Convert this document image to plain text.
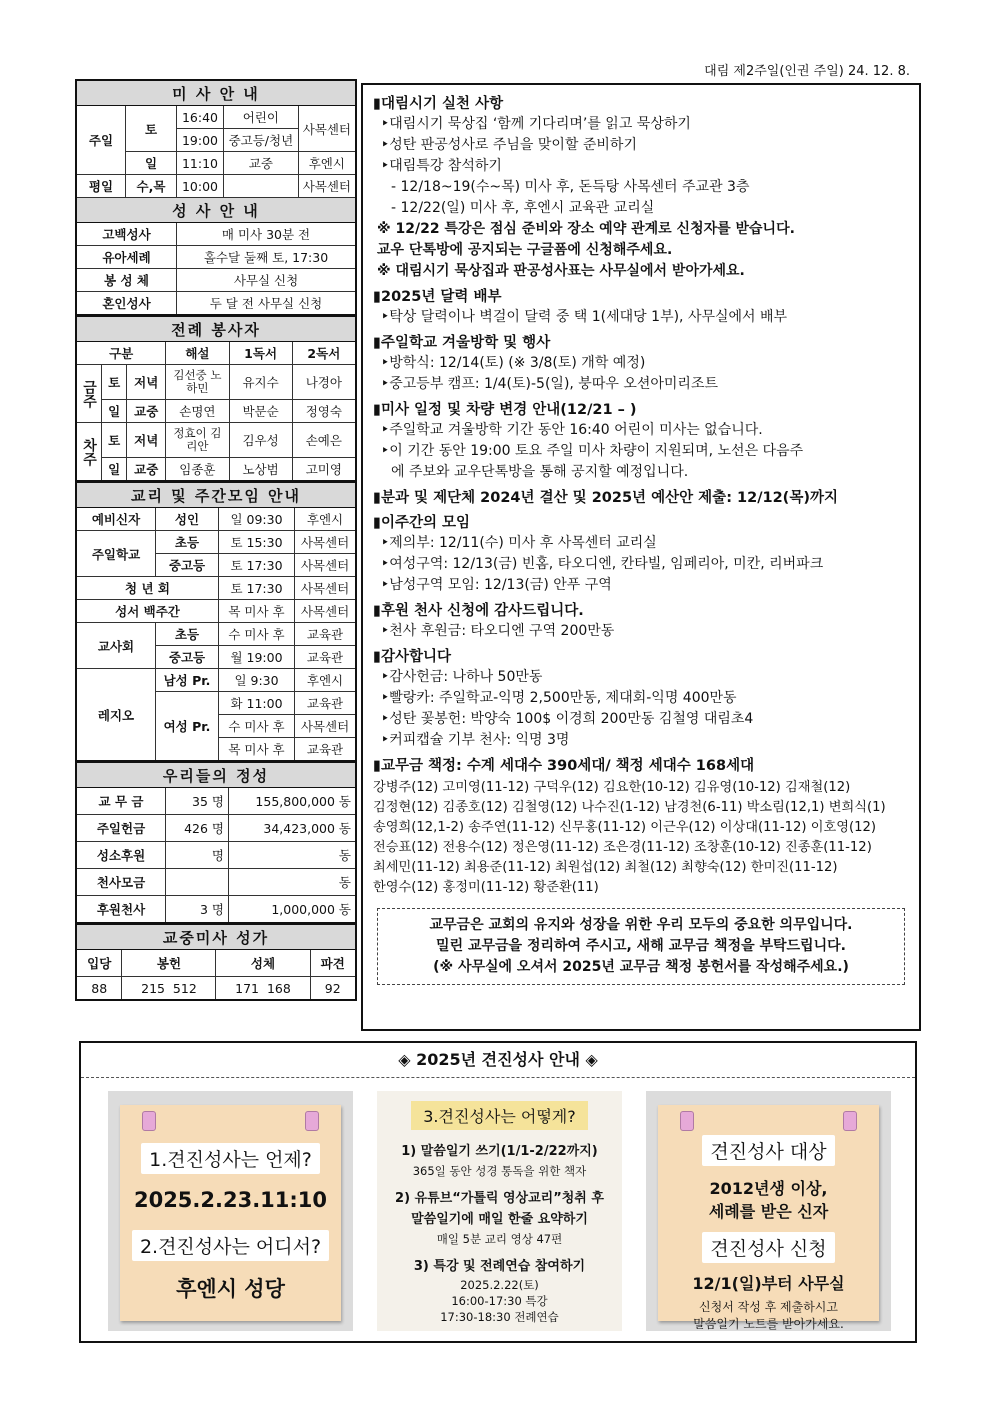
대림 제2주일(인권 주일) 24. 12. 8.
미 사 안 내				
주일	토	16:40	어린이	사목센터
		19:00	중고등/청년	
	일	11:10	교중	후엔시
평일	수,목	10:00		사목센터
성 사 안 내				
고백성사		매 미사 30분 전		
유아세례		홀수달 둘째 토, 17:30		
봉 성 체		사무실 신청		
혼인성사		두 달 전 사무실 신청		
전례 봉사자					
구분			해설	1독서	2독서
금주	토	저녁	김선중 노하민	유지수	나경아
	일	교중	손명연	박문순	정영숙
차주	토	저녁	정효이 김리안	김우성	손예은
	일	교중	임종훈	노상범	고미영
교리 및 주간모임 안내			
예비신자	성인	일 09:30	후엔시
주일학교	초등	토 15:30	사목센터
	중고등	토 17:30	사목센터
청 년 회		토 17:30	사목센터
성서 백주간		목 미사 후	사목센터
교사회	초등	수 미사 후	교육관
	중고등	월 19:00	교육관
레지오	남성 Pr.	일 9:30	후엔시
	여성 Pr.	화 11:00	교육관
		수 미사 후	사목센터
		목 미사 후	교육관
우리들의 정성		
교 무 금	35 명	155,800,000 동
주일헌금	426 명	34,423,000 동
성소후원	명	동
천사모금		동
후원천사	3 명	1,000,000 동
교중미사 성가			
입당	봉헌	성체	파견
88	215  512	171  168	92
▮대림시기 실천 사항
‣대림시기 묵상집 ‘함께 기다리며’를 읽고 묵상하기
‣성탄 판공성사로 주님을 맞이할 준비하기
‣대림특강 참석하기
- 12/18~19(수~목) 미사 후, 돈득탕 사목센터 주교관 3층
- 12/22(일) 미사 후, 후엔시 교육관 교리실
※ 12/22 특강은 점심 준비와 장소 예약 관계로 신청자를 받습니다.
교우 단톡방에 공지되는 구글폼에 신청해주세요.
※ 대림시기 묵상집과 판공성사표는 사무실에서 받아가세요.
▮2025년 달력 배부
‣탁상 달력이나 벽걸이 달력 중 택 1(세대당 1부), 사무실에서 배부
▮주일학교 겨울방학 및 행사
‣방학식: 12/14(토) (※ 3/8(토) 개학 예정)
‣중고등부 캠프: 1/4(토)-5(일), 붕따우 오션아미리조트
▮미사 일정 및 차량 변경 안내(12/21 – )
‣주일학교 겨울방학 기간 동안 16:40 어린이 미사는 없습니다.
‣이 기간 동안 19:00 토요 주일 미사 차량이 지원되며, 노선은 다음주
에 주보와 교우단톡방을 통해 공지할 예정입니다.
▮분과 및 제단체 2024년 결산 및 2025년 예산안 제출: 12/12(목)까지
▮이주간의 모임
‣제의부: 12/11(수) 미사 후 사목센터 교리실
‣여성구역: 12/13(금) 빈홈, 타오디엔, 칸타빌, 임페리아, 미칸, 리버파크
‣남성구역 모임: 12/13(금) 안푸 구역
▮후원 천사 신청에 감사드립니다.
‣천사 후원금: 타오디엔 구역 200만동
▮감사합니다
‣감사헌금: 나하나 50만동
‣빨랑카: 주일학교-익명 2,500만동, 제대회-익명 400만동
‣성탄 꽃봉헌: 박양숙 100$ 이경희 200만동 김철영 대림초4
‣커피캡슐 기부 천사: 익명 3명
▮교무금 책정: 수계 세대수 390세대/ 책정 세대수 168세대
강병주(12) 고미영(11-12) 구덕우(12) 김요한(10-12) 김유영(10-12) 김재철(12)
김정현(12) 김종호(12) 김철영(12) 나수진(1-12) 남경천(6-11) 박소림(12,1) 변희식(1)
송영희(12,1-2) 송주연(11-12) 신무홍(11-12) 이근우(12) 이상대(11-12) 이호영(12)
전승표(12) 전용수(12) 정은영(11-12) 조은경(11-12) 조창훈(10-12) 진종훈(11-12)
최세민(11-12) 최용준(11-12) 최원섭(12) 최철(12) 최향숙(12) 한미진(11-12)
한영수(12) 홍정미(11-12) 황준환(11)
교무금은 교회의 유지와 성장을 위한 우리 모두의 중요한 의무입니다.
밀린 교무금을 정리하여 주시고, 새해 교무금 책정을 부탁드립니다.
(※ 사무실에 오셔서 2025년 교무금 책정 봉헌서를 작성해주세요.)
◈ 2025년 견진성사 안내 ◈
1.견진성사는 언제?
2025.2.23.11:10
2.견진성사는 어디서?
후엔시 성당
3.견진성사는 어떻게?
1) 말씀일기 쓰기(1/1-2/22까지)
365일 동안 성경 통독을 위한 책자
2) 유튜브“가톨릭 영상교리”청취 후
말씀일기에 매일 한줄 요약하기
매일 5분 교리 영상 47편
3) 특강 및 전례연습 참여하기
2025.2.22(토)
16:00-17:30 특강
17:30-18:30 전례연습
견진성사 대상
2012년생 이상,
세례를 받은 신자
견진성사 신청
12/1(일)부터 사무실
신청서 작성 후 제출하시고
말씀일기 노트를 받아가세요.
